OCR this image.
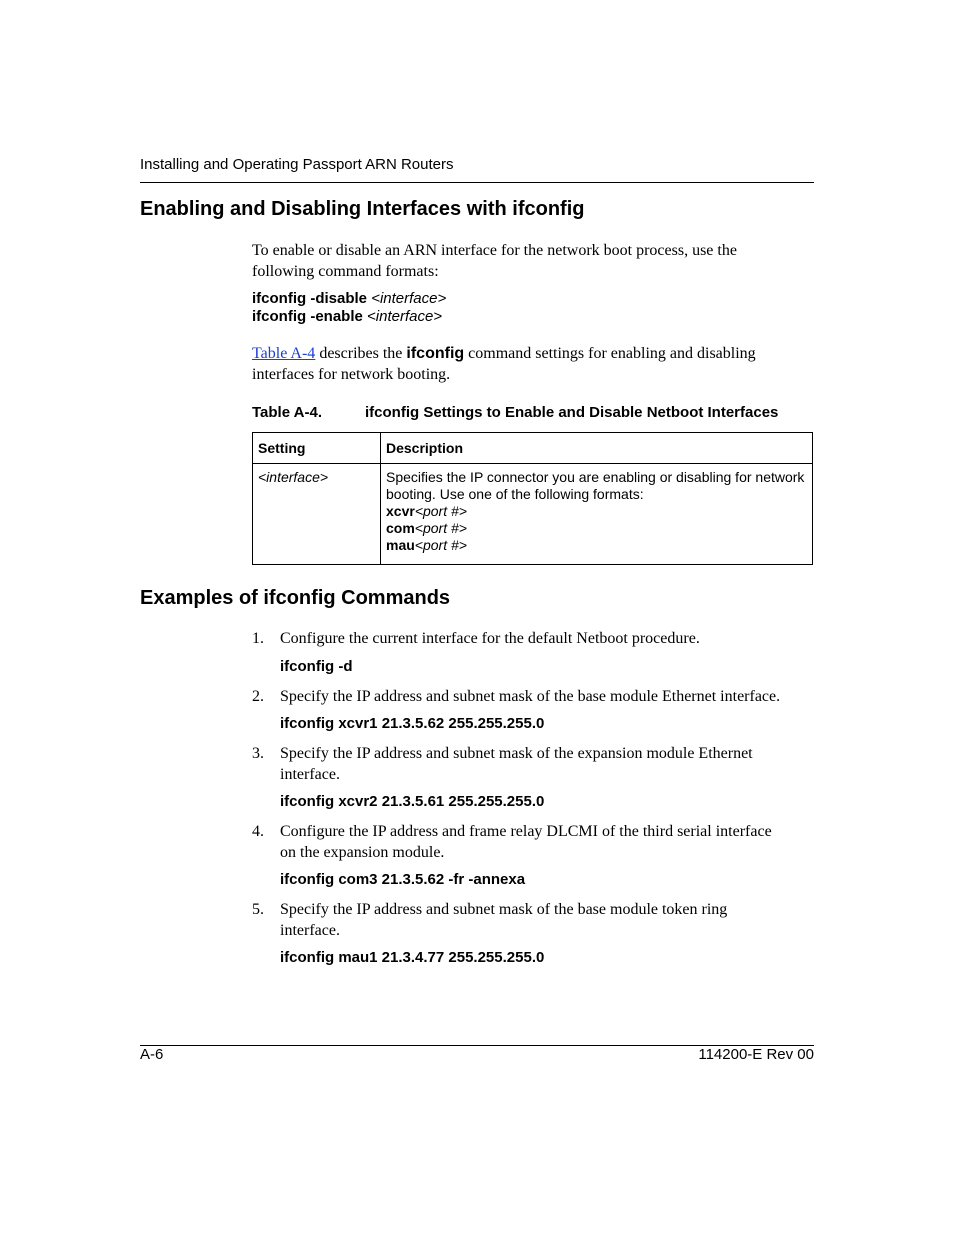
Installing and Operating Passport ARN Routers
Enabling and Disabling Interfaces with ifconfig

To enable or disable an ARN interface for the network boot process, use the
following command formats:

ifconfig -disable <interface>
ifconfig -enable <interface>

Table A-4 describes the ifconfig command settings for enabling and disabling
interfaces for network booting.

Table A-4.	ifconfig Settings to Enable and Disable Netboot Interfaces
Setting	Description

<interface>	Specifies the IP connector you are enabling or disabling for network
booting. Use one of the following formats:
xcvr<port #>
com<port #>
mau<port #>
Examples of ifconfig Commands
1. Configure the current interface for the default Netboot procedure.
ifconfig -d
2. Specify the IP address and subnet mask of the base module Ethernet interface.
ifconfig xcvr1 21.3.5.62 255.255.255.0
3. Specify the IP address and subnet mask of the expansion module Ethernet
interface.
ifconfig xcvr2 21.3.5.61 255.255.255.0
4. Configure the IP address and frame relay DLCMI of the third serial interface
on the expansion module.
ifconfig com3 21.3.5.62 -fr -annexa
5. Specify the IP address and subnet mask of the base module token ring
interface.
ifconfig mau1 21.3.4.77 255.255.255.0
A-6	114200-E Rev 00
